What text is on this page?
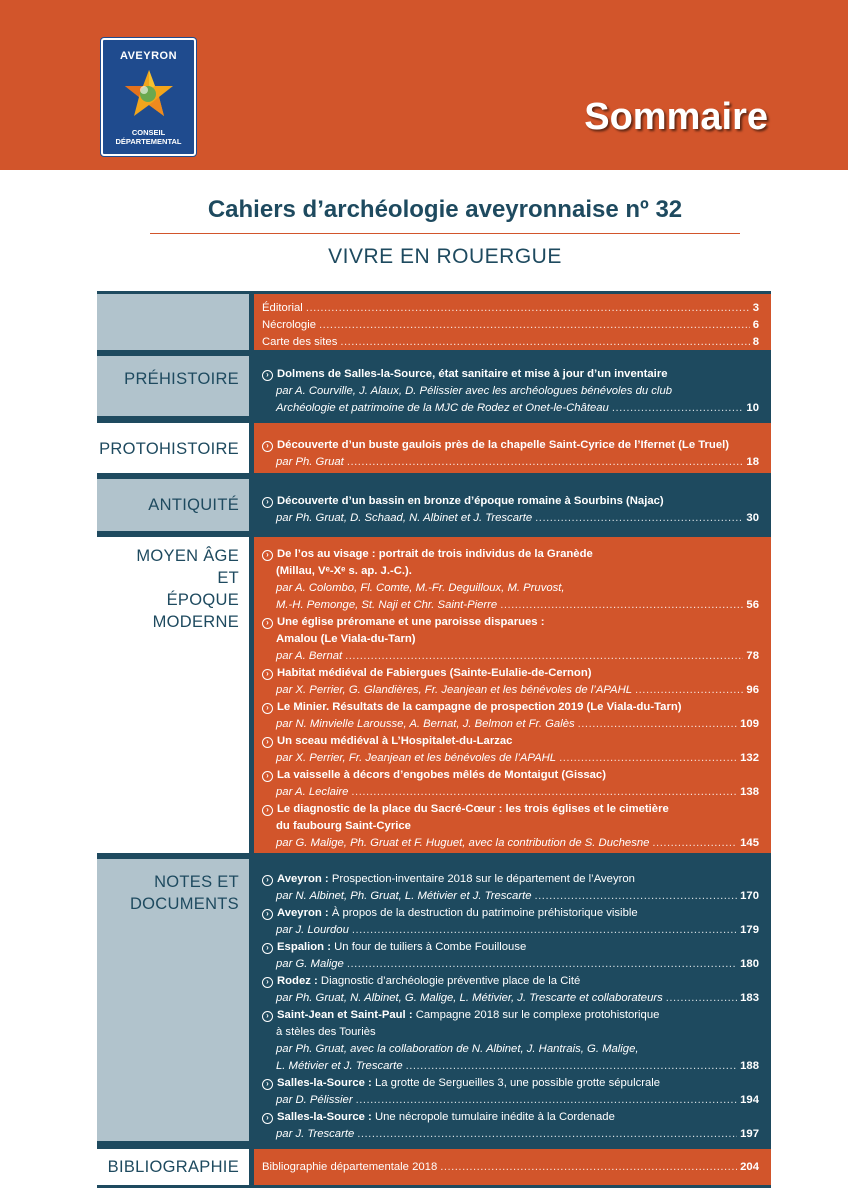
AVEYRON
CONSEIL
DÉPARTEMENTAL
Sommaire
Cahiers d’archéologie aveyronnaise nº 32
VIVRE EN ROUERGUE
Éditorial .....	3
Nécrologie .....	6
Carte des sites .....	8
PRÉHISTOIRE	› Dolmens de Salles-la-Source, état sanitaire et mise à jour d’un inventaire
par A. Courville, J. Alaux, D. Pélissier avec les archéologues bénévoles du club
Archéologie et patrimoine de la MJC de Rodez et Onet-le-Château .....	10
PROTOHISTOIRE	› Découverte d’un buste gaulois près de la chapelle Saint-Cyrice de l’Ifernet (Le Truel)
par Ph. Gruat .....	18
ANTIQUITÉ	› Découverte d’un bassin en bronze d’époque romaine à Sourbins (Najac)
par Ph. Gruat, D. Schaad, N. Albinet et J. Trescarte .....	30
MOYEN ÂGE
ET
ÉPOQUE
MODERNE
› De l’os au visage : portrait de trois individus de la Granède
(Millau, Vᵉ-Xᵉ s. ap. J.-C.).
par A. Colombo, Fl. Comte, M.-Fr. Deguilloux, M. Pruvost,
M.-H. Pemonge, St. Naji et Chr. Saint-Pierre .....	56
› Une église préromane et une paroisse disparues :
Amalou (Le Viala-du-Tarn)
par A. Bernat .....	78
› Habitat médiéval de Fabiergues (Sainte-Eulalie-de-Cernon)
par X. Perrier, G. Glandières, Fr. Jeanjean et les bénévoles de l’APAHL .....	96
› Le Minier. Résultats de la campagne de prospection 2019 (Le Viala-du-Tarn)
par N. Minvielle Larousse, A. Bernat, J. Belmon et Fr. Galès .....	109
› Un sceau médiéval à L’Hospitalet-du-Larzac
par X. Perrier, Fr. Jeanjean et les bénévoles de l’APAHL .....	132
› La vaisselle à décors d’engobes mêlés de Montaigut (Gissac)
par A. Leclaire .....	138
› Le diagnostic de la place du Sacré-Cœur : les trois églises et le cimetière
du faubourg Saint-Cyrice
par G. Malige, Ph. Gruat et F. Huguet, avec la contribution de S. Duchesne .....	145
NOTES ET
DOCUMENTS
› Aveyron : Prospection-inventaire 2018 sur le département de l’Aveyron
par N. Albinet, Ph. Gruat, L. Métivier et J. Trescarte .....	170
› Aveyron : À propos de la destruction du patrimoine préhistorique visible
par J. Lourdou .....	179
› Espalion : Un four de tuiliers à Combe Fouillouse
par G. Malige .....	180
› Rodez : Diagnostic d’archéologie préventive place de la Cité
par Ph. Gruat, N. Albinet, G. Malige, L. Métivier, J. Trescarte et collaborateurs .....	183
› Saint-Jean et Saint-Paul : Campagne 2018 sur le complexe protohistorique
à stèles des Touriès
par Ph. Gruat, avec la collaboration de N. Albinet, J. Hantrais, G. Malige,
L. Métivier et J. Trescarte .....	188
› Salles-la-Source : La grotte de Sergueilles 3, une possible grotte sépulcrale
par D. Pélissier .....	194
› Salles-la-Source : Une nécropole tumulaire inédite à la Cordenade
par J. Trescarte .....	197
BIBLIOGRAPHIE Bibliographie départementale 2018 .....	204
